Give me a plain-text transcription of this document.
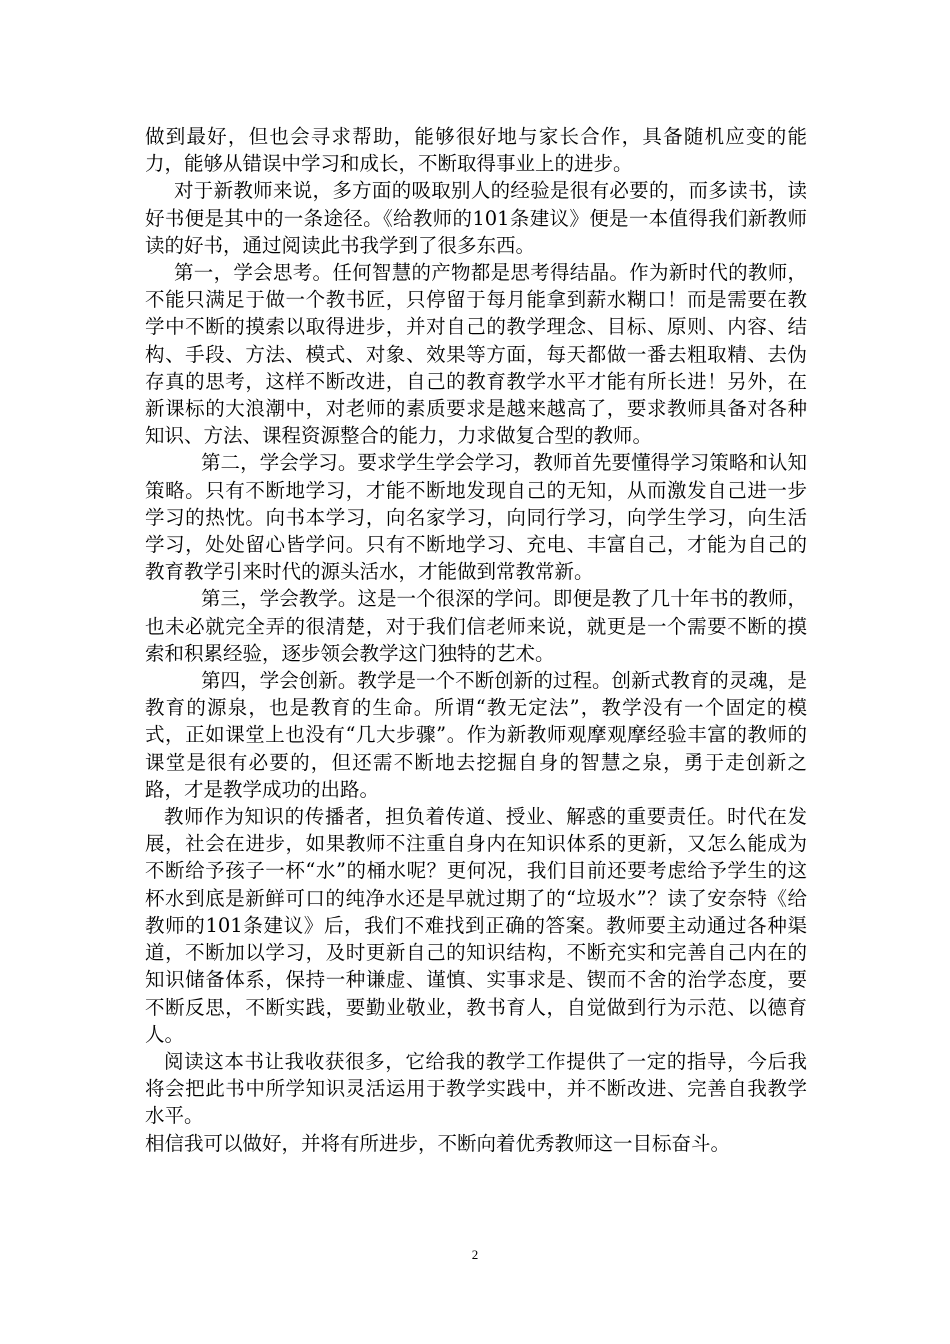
做到最好，但也会寻求帮助，能够很好地与家长合作，具备随机应变的能力，能够从错误中学习和成长，不断取得事业上的进步。

对于新教师来说，多方面的吸取别人的经验是很有必要的，而多读书，读好书便是其中的一条途径。《给教师的101条建议》便是一本值得我们新教师读的好书，通过阅读此书我学到了很多东西。

第一，学会思考。任何智慧的产物都是思考得结晶。作为新时代的教师，不能只满足于做一个教书匠，只停留于每月能拿到薪水糊口！而是需要在教学中不断的摸索以取得进步，并对自己的教学理念、目标、原则、内容、结构、手段、方法、模式、对象、效果等方面，每天都做一番去粗取精、去伪存真的思考，这样不断改进，自己的教育教学水平才能有所长进！另外，在新课标的大浪潮中，对老师的素质要求是越来越高了，要求教师具备对各种知识、方法、课程资源整合的能力，力求做复合型的教师。

第二，学会学习。要求学生学会学习，教师首先要懂得学习策略和认知策略。只有不断地学习，才能不断地发现自己的无知，从而激发自己进一步学习的热忱。向书本学习，向名家学习，向同行学习，向学生学习，向生活学习，处处留心皆学问。只有不断地学习、充电、丰富自己，才能为自己的教育教学引来时代的源头活水，才能做到常教常新。

第三，学会教学。这是一个很深的学问。即便是教了几十年书的教师，也未必就完全弄的很清楚，对于我们信老师来说，就更是一个需要不断的摸索和积累经验，逐步领会教学这门独特的艺术。

第四，学会创新。教学是一个不断创新的过程。创新式教育的灵魂，是教育的源泉，也是教育的生命。所谓“教无定法”，教学没有一个固定的模式，正如课堂上也没有“几大步骤”。作为新教师观摩观摩经验丰富的教师的课堂是很有必要的，但还需不断地去挖掘自身的智慧之泉，勇于走创新之路，才是教学成功的出路。

教师作为知识的传播者，担负着传道、授业、解惑的重要责任。时代在发展，社会在进步，如果教师不注重自身内在知识体系的更新，又怎么能成为不断给予孩子一杯“水”的桶水呢？更何况，我们目前还要考虑给予学生的这杯水到底是新鲜可口的纯净水还是早就过期了的“垃圾水”？读了安奈特《给教师的101条建议》后，我们不难找到正确的答案。教师要主动通过各种渠道，不断加以学习，及时更新自己的知识结构，不断充实和完善自己内在的知识储备体系，保持一种谦虚、谨慎、实事求是、锲而不舍的治学态度，要不断反思，不断实践，要勤业敬业，教书育人，自觉做到行为示范、以德育人。

阅读这本书让我收获很多，它给我的教学工作提供了一定的指导，今后我将会把此书中所学知识灵活运用于教学实践中，并不断改进、完善自我教学水平。

相信我可以做好，并将有所进步，不断向着优秀教师这一目标奋斗。

2
